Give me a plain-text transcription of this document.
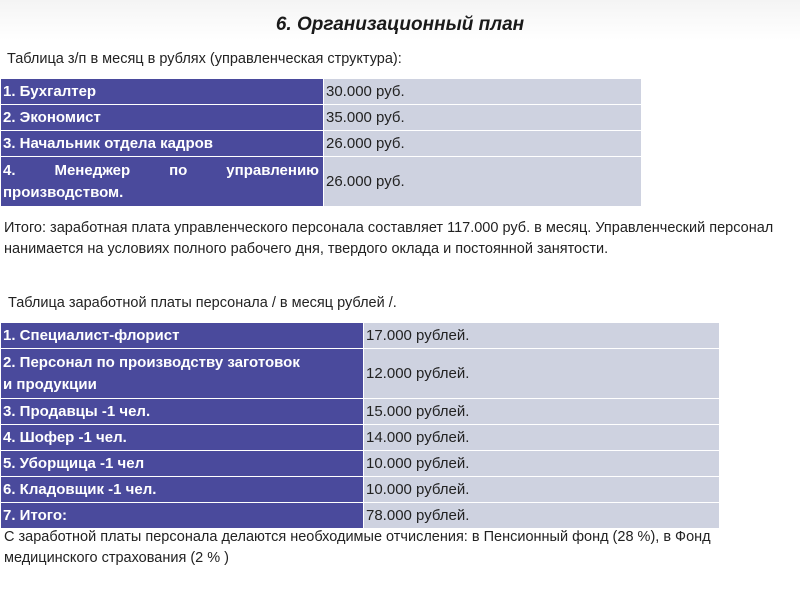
6. Организационный план
Таблица з/п в месяц в рублях (управленческая структура):
1. Бухгалтер	30.000 руб.
2. Экономист	35.000 руб.
3. Начальник отдела кадров	26.000 руб.

4. Менеджер по управлению
производством.	26.000 руб.
Итого: заработная плата управленческого персонала составляет 117.000 руб. в месяц. Управленческий персонал нанимается на условиях полного рабочего дня, твердого оклада и постоянной занятости.
Таблица заработной платы персонала / в месяц рублей /.
1. Специалист-флорист	17.000 рублей.

2. Персонал по производству заготовок
и продукции	12.000 рублей.
3. Продавцы -1 чел.	15.000 рублей.
4. Шофер -1 чел.	14.000 рублей.
5. Уборщица -1 чел	10.000 рублей.
6. Кладовщик -1 чел.	10.000 рублей.
7. Итого:	78.000 рублей.
С заработной платы персонала делаются необходимые отчисления: в Пенсионный фонд (28 %), в Фонд медицинского страхования (2 % )
